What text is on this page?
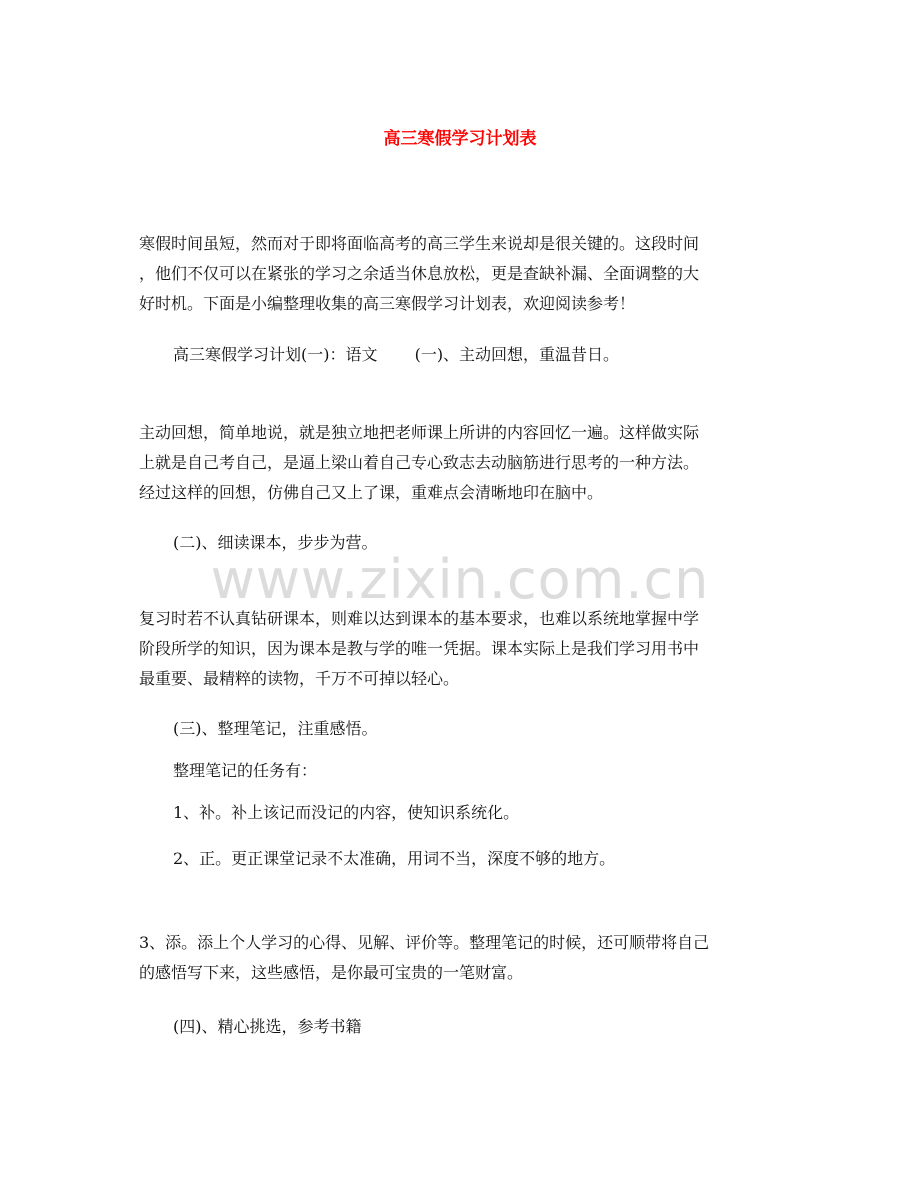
高三寒假学习计划表
www.zixin.com.cn
寒假时间虽短，然而对于即将面临高考的高三学生来说却是很关键的。这段时间
，他们不仅可以在紧张的学习之余适当休息放松，更是查缺补漏、全面调整的大
好时机。下面是小编整理收集的高三寒假学习计划表，欢迎阅读参考！
高三寒假学习计划(一)：语文　　 (一)、主动回想，重温昔日。
主动回想，简单地说，就是独立地把老师课上所讲的内容回忆一遍。这样做实际
上就是自己考自己，是逼上梁山着自己专心致志去动脑筋进行思考的一种方法。
经过这样的回想，仿佛自己又上了课，重难点会清晰地印在脑中。
(二)、细读课本，步步为营。
复习时若不认真钻研课本，则难以达到课本的基本要求，也难以系统地掌握中学
阶段所学的知识，因为课本是教与学的唯一凭据。课本实际上是我们学习用书中
最重要、最精粹的读物，千万不可掉以轻心。
(三)、整理笔记，注重感悟。
整理笔记的任务有：
1、补。补上该记而没记的内容，使知识系统化。
2、正。更正课堂记录不太准确，用词不当，深度不够的地方。
3、添。添上个人学习的心得、见解、评价等。整理笔记的时候，还可顺带将自己
的感悟写下来，这些感悟，是你最可宝贵的一笔财富。
(四)、精心挑选，参考书籍
